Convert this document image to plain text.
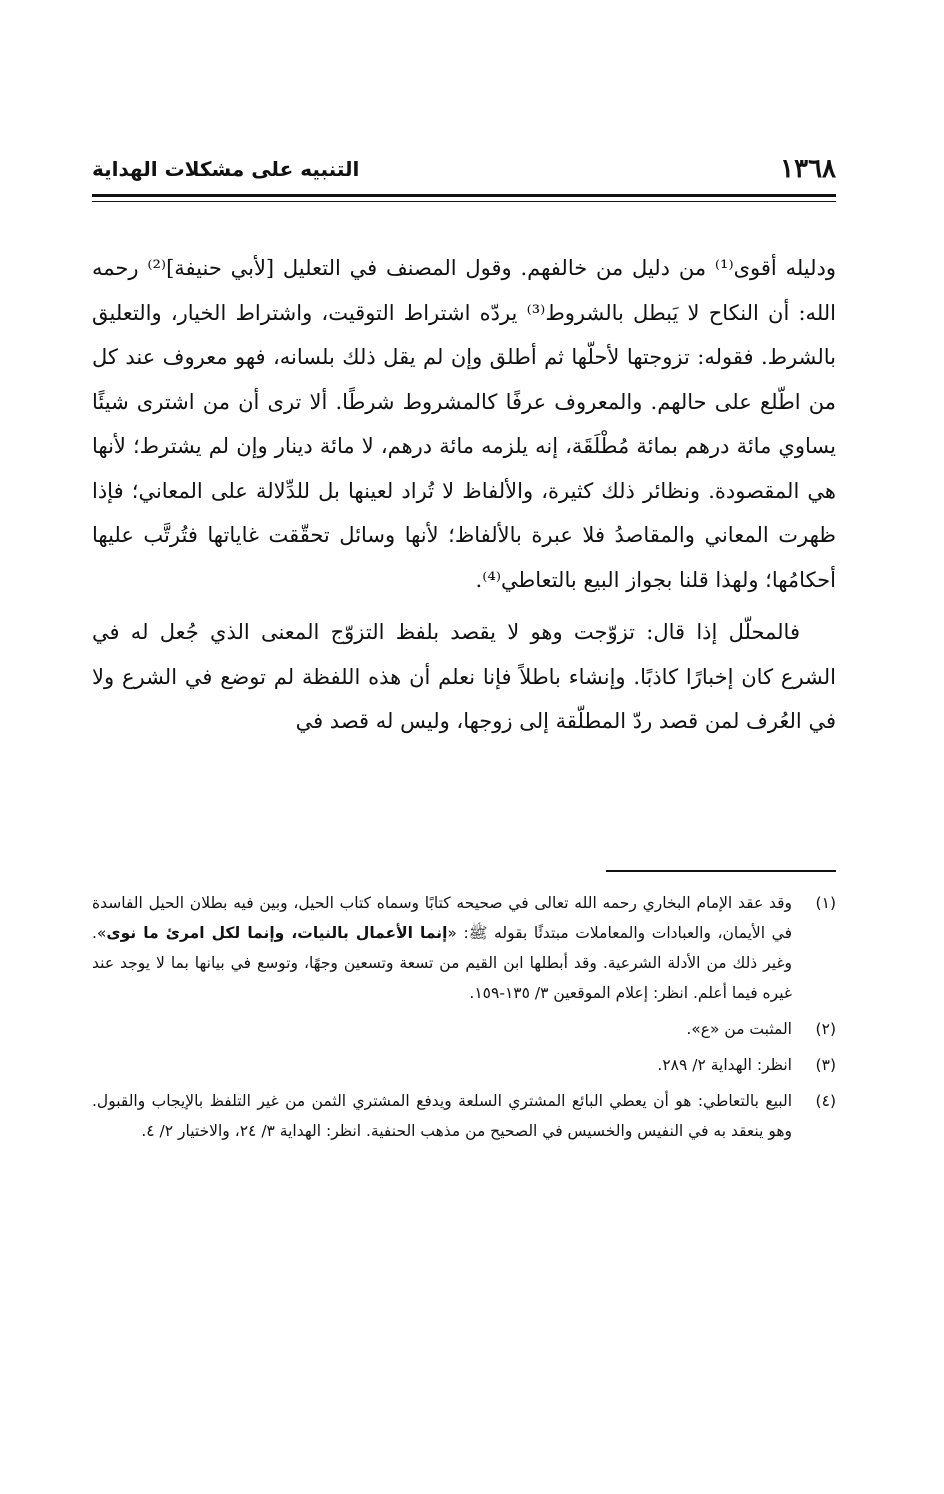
١٣٦٨
التنبيه على مشكلات الهداية

ودليله أقوى⁽¹⁾ من دليل من خالفهم. وقول المصنف في التعليل [لأبي حنيفة]⁽²⁾ رحمه الله: أن النكاح لا يَبطل بالشروط⁽³⁾ يردّه اشتراط التوقيت، واشتراط الخيار، والتعليق بالشرط. فقوله: تزوجتها لأحلّها ثم أطلق وإن لم يقل ذلك بلسانه، فهو معروف عند كل من اطّلع على حالهم. والمعروف عرفًا كالمشروط شرطًا. ألا ترى أن من اشترى شيئًا يساوي مائة درهم بمائة مُطْلَقَة، إنه يلزمه مائة درهم، لا مائة دينار وإن لم يشترط؛ لأنها هي المقصودة. ونظائر ذلك كثيرة، والألفاظ لا تُراد لعينها بل للدِّلالة على المعاني؛ فإذا ظهرت المعاني والمقاصدُ فلا عبرة بالألفاظ؛ لأنها وسائل تحقّقت غاياتها فتُرتَّب عليها أحكامُها؛ ولهذا قلنا بجواز البيع بالتعاطي⁽⁴⁾.

فالمحلّل إذا قال: تزوّجت وهو لا يقصد بلفظ التزوّج المعنى الذي جُعل له في الشرع كان إخبارًا كاذبًا. وإنشاء باطلاً فإنا نعلم أن هذه اللفظة لم توضع في الشرع ولا في العُرف لمن قصد ردّ المطلّقة إلى زوجها، وليس له قصد في

(١)
وقد عقد الإمام البخاري رحمه الله تعالى في صحيحه كتابًا وسماه كتاب الحيل، وبين فيه بطلان الحيل الفاسدة في الأيمان، والعبادات والمعاملات مبتدئًا بقوله ﷺ: «إنما الأعمال بالنيات، وإنما لكل امرئ ما نوى». وغير ذلك من الأدلة الشرعية. وقد أبطلها ابن القيم من تسعة وتسعين وجهًا، وتوسع في بيانها بما لا يوجد عند غيره فيما أعلم. انظر: إعلام الموقعين ٣/ ١٣٥-١٥٩.
(٢)
المثبت من «ع».
(٣)
انظر: الهداية ٢/ ٢٨٩.
(٤)
البيع بالتعاطي: هو أن يعطي البائع المشتري السلعة ويدفع المشتري الثمن من غير التلفظ بالإيجاب والقبول. وهو ينعقد به في النفيس والخسيس في الصحيح من مذهب الحنفية. انظر: الهداية ٣/ ٢٤، والاختيار ٢/ ٤.
